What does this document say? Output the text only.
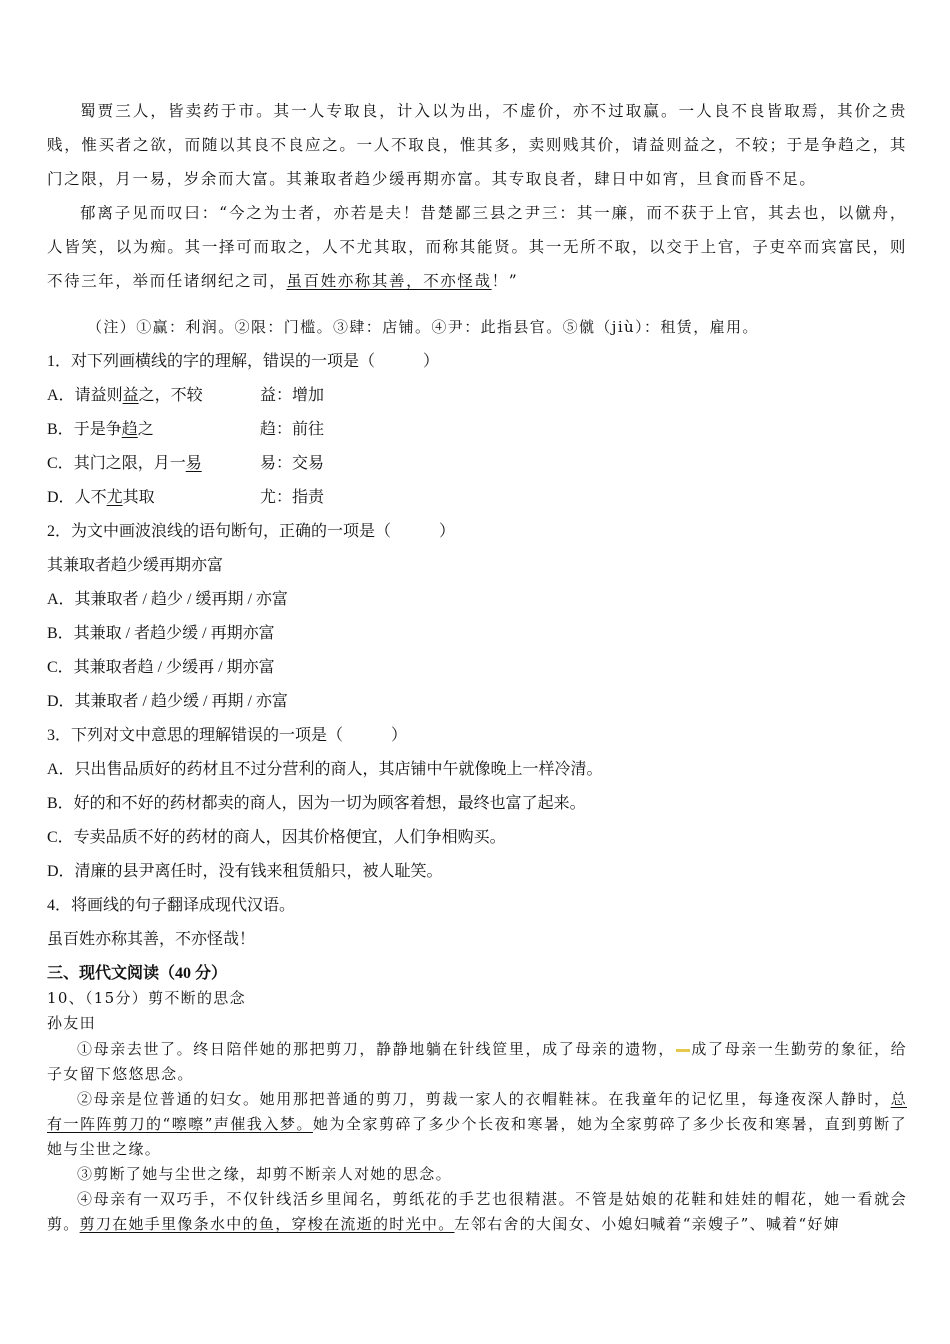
蜀贾三人，皆卖药于市。其一人专取良，计入以为出，不虚价，亦不过取赢。一人良不良皆取焉，其价之贵贱，惟买者之欲，而随以其良不良应之。一人不取良，惟其多，卖则贱其价，请益则益之，不较；于是争趋之，其门之限，月一易，岁余而大富。其兼取者趋少缓再期亦富。其专取良者，肆日中如宵，旦食而昏不足。

郁离子见而叹曰：“今之为士者，亦若是夫！昔楚鄙三县之尹三：其一廉，而不获于上官，其去也，以僦舟，人皆笑，以为痴。其一择可而取之，人不尤其取，而称其能贤。其一无所不取，以交于上官，子吏卒而宾富民，则不待三年，举而任诸纲纪之司，虽百姓亦称其善，不亦怪哉！”

（注）①赢：利润。②限：门槛。③肆：店铺。④尹：此指县官。⑤僦（jiù）：租赁，雇用。

1．对下列画横线的字的理解，错误的一项是（　　　）

A．请益则益之，不较	益：增加

B．于是争趋之	趋：前往

C．其门之限，月一易	易：交易

D．人不尤其取	尤：指责

2．为文中画波浪线的语句断句，正确的一项是（　　　）

其兼取者趋少缓再期亦富

A．其兼取者 / 趋少 / 缓再期 / 亦富

B．其兼取 / 者趋少缓 / 再期亦富

C．其兼取者趋 / 少缓再 / 期亦富

D．其兼取者 / 趋少缓 / 再期 / 亦富

3．下列对文中意思的理解错误的一项是（　　　）

A．只出售品质好的药材且不过分营利的商人，其店铺中午就像晚上一样冷清。

B．好的和不好的药材都卖的商人，因为一切为顾客着想，最终也富了起来。

C．专卖品质不好的药材的商人，因其价格便宜，人们争相购买。

D．清廉的县尹离任时，没有钱来租赁船只，被人耻笑。

4．将画线的句子翻译成现代汉语。

虽百姓亦称其善，不亦怪哉！

三、现代文阅读（40 分）

10、（15分）剪不断的思念

孙友田

①母亲去世了。终日陪伴她的那把剪刀，静静地躺在针线笸里，成了母亲的遗物， 成了母亲一生勤劳的象征，给子女留下悠悠思念。

②母亲是位普通的妇女。她用那把普通的剪刀，剪裁一家人的衣帽鞋袜。在我童年的记忆里，每逢夜深人静时，总有一阵阵剪刀的“嚓嚓”声催我入梦。她为全家剪碎了多少个长夜和寒暑，她为全家剪碎了多少长夜和寒暑，直到剪断了她与尘世之缘。

③剪断了她与尘世之缘，却剪不断亲人对她的思念。

④母亲有一双巧手，不仅针线活乡里闻名，剪纸花的手艺也很精湛。不管是姑娘的花鞋和娃娃的帽花，她一看就会剪。剪刀在她手里像条水中的鱼，穿梭在流逝的时光中。左邻右舍的大闺女、小媳妇喊着“亲嫂子”、喊着“好婶
